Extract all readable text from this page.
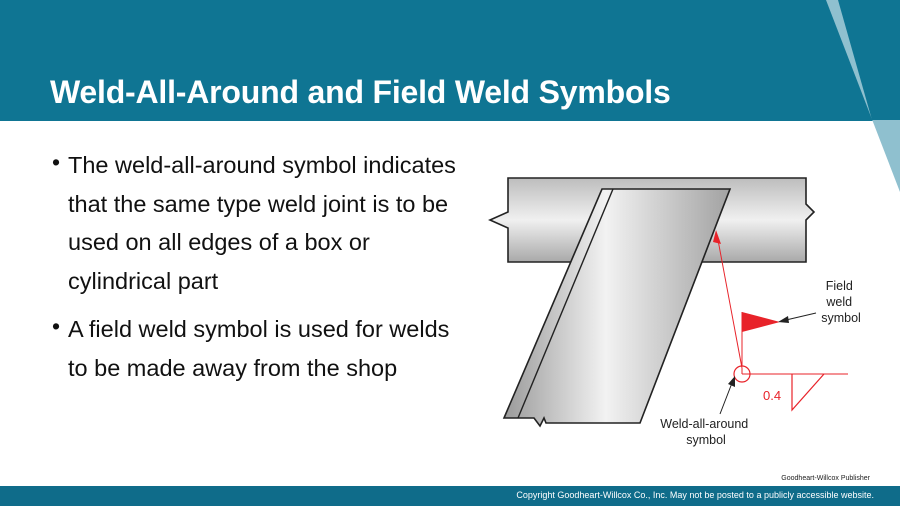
Weld-All-Around and Field Weld Symbols
• The weld-all-around symbol indicates that the same type weld joint is to be used on all edges of a box or cylindrical part
• A field weld symbol is used for welds to be made away from the shop
0.4
Field weld symbol
Weld-all-around symbol
Goodheart-Willcox Publisher
Copyright Goodheart-Willcox Co., Inc. May not be posted to a publicly accessible website.
